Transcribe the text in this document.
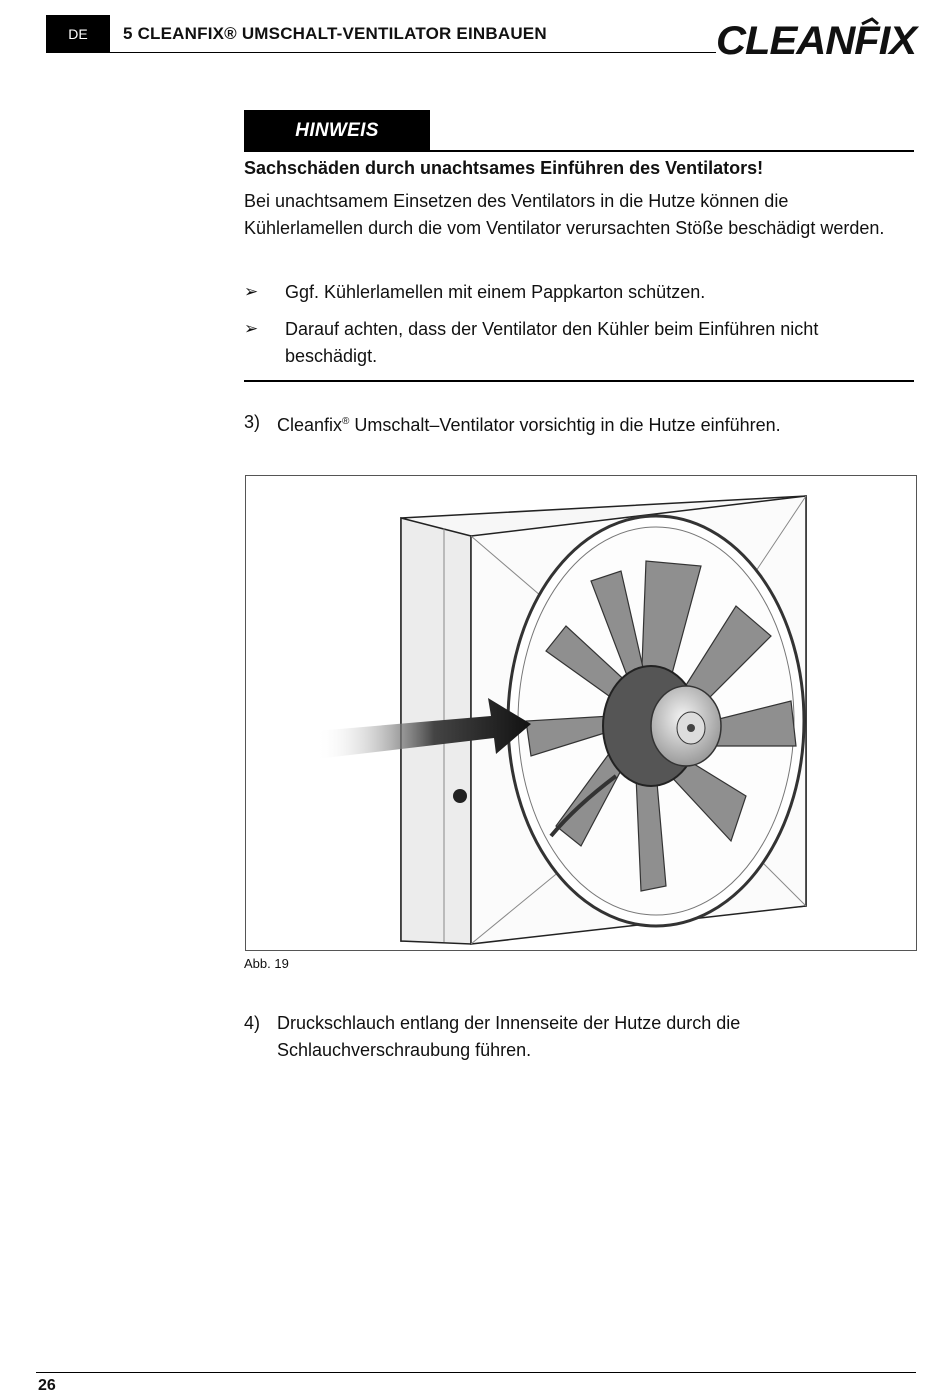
DE	5 CLEANFIX® UMSCHALT-VENTILATOR EINBAUEN	CLEANFIX
HINWEIS
Sachschäden durch unachtsames Einführen des Ventilators!
Bei unachtsamem Einsetzen des Ventilators in die Hutze können die Kühlerlamellen durch die vom Ventilator verursachten Stöße beschädigt werden.
➢ Ggf. Kühlerlamellen mit einem Pappkarton schützen.
➢ Darauf achten, dass der Ventilator den Kühler beim Einführen nicht beschädigt.
3) Cleanfix® Umschalt–Ventilator vorsichtig in die Hutze einführen.
Abb. 19
4) Druckschlauch entlang der Innenseite der Hutze durch die Schlauchverschraubung führen.
26
